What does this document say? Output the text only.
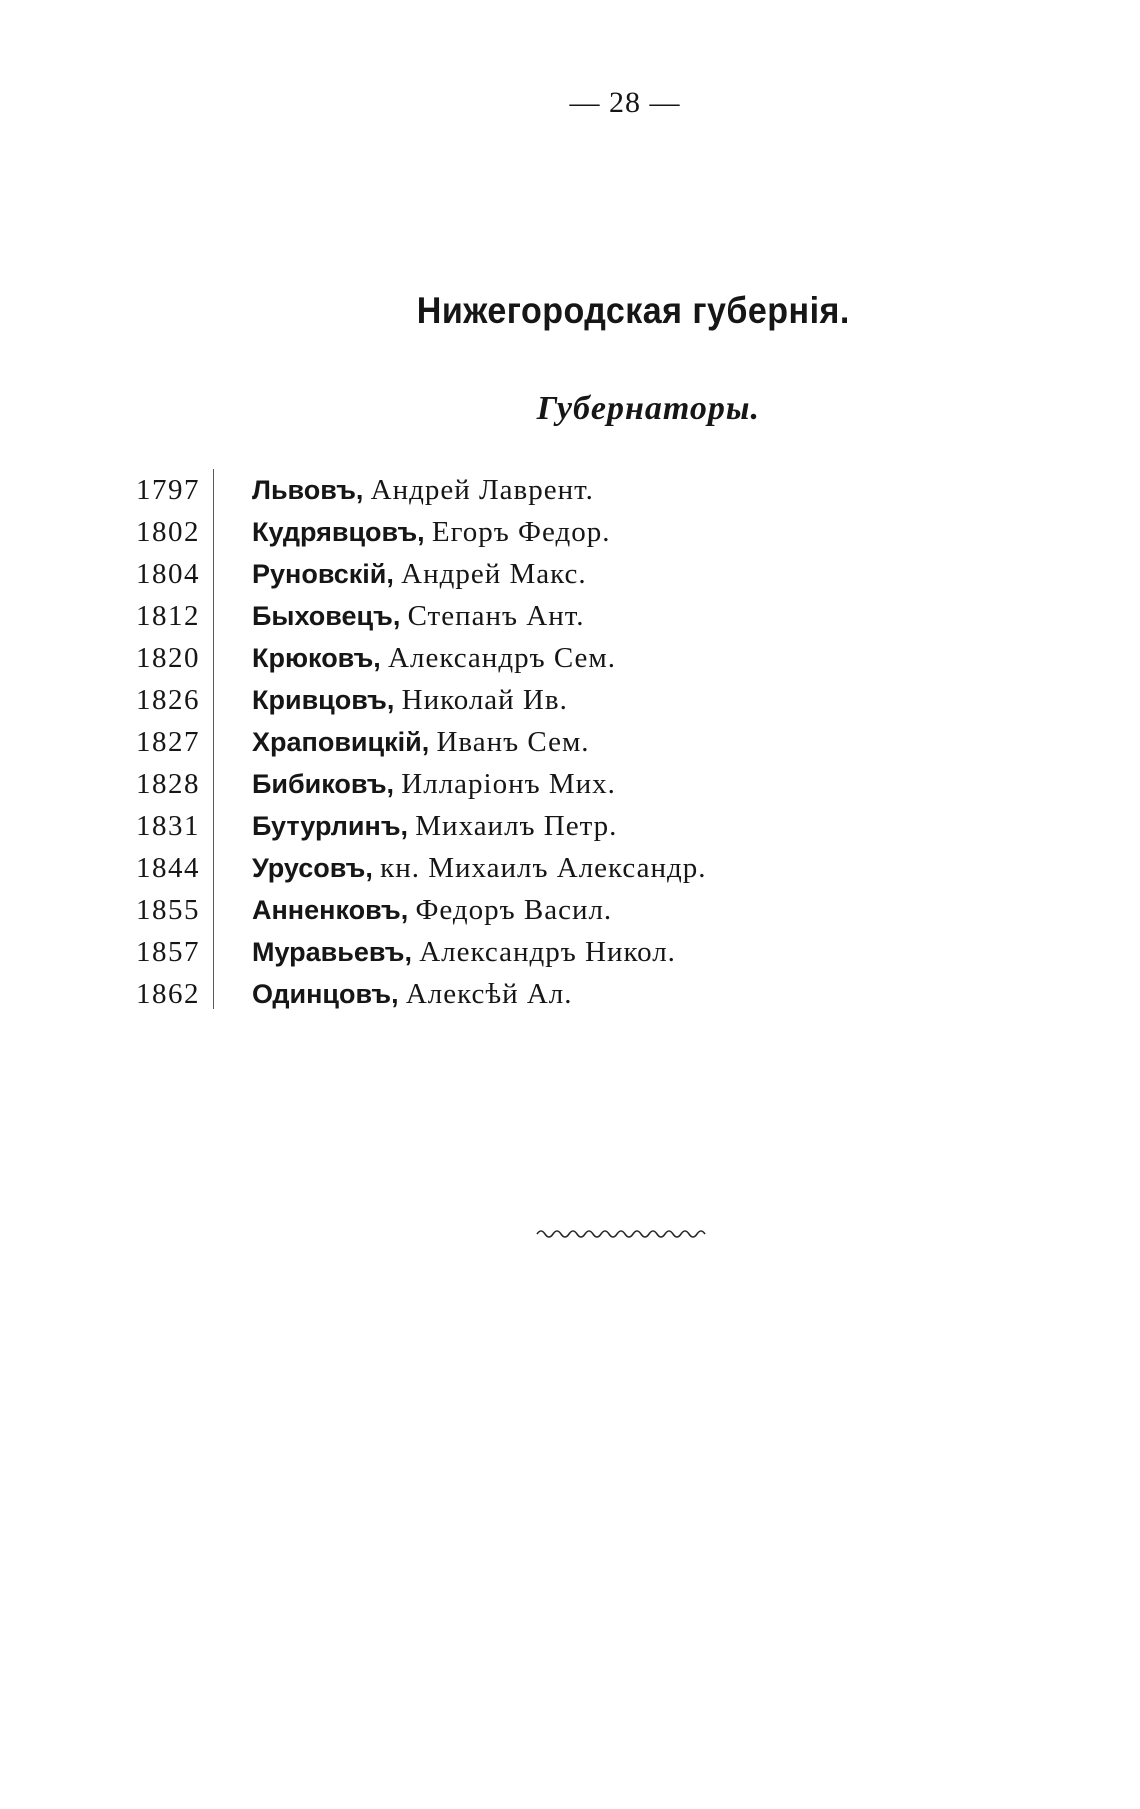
— 28 —
Нижегородская губернія.
Губернаторы.
1797 Львовъ, Андрей Лаврент.
1802 Кудрявцовъ, Егоръ Федор.
1804 Руновскій, Андрей Макс.
1812 Быховецъ, Степанъ Ант.
1820 Крюковъ, Александръ Сем.
1826 Кривцовъ, Николай Ив.
1827 Храповицкій, Иванъ Сем.
1828 Бибиковъ, Илларіонъ Мих.
1831 Бутурлинъ, Михаилъ Петр.
1844 Урусовъ, кн. Михаилъ Александр.
1855 Анненковъ, Федоръ Васил.
1857 Муравьевъ, Александръ Никол.
1862 Одинцовъ, Алексѣй Ал.
